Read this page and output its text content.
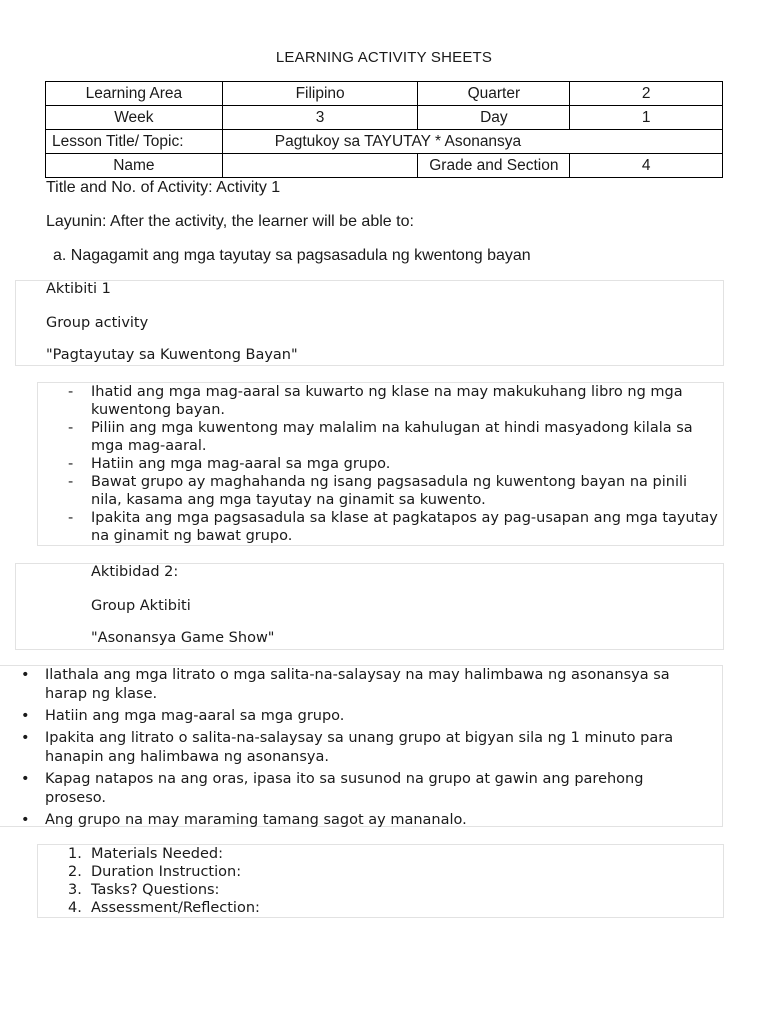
LEARNING ACTIVITY SHEETS
Learning Area	Filipino	Quarter	2
Week	3	Day	1
Lesson Title/ Topic:	Pagtukoy sa TAYUTAY * Asonansya		
Name		Grade and Section	4
Title and No. of Activity: Activity 1
Layunin: After the activity, the learner will be able to:
a. Nagagamit ang mga tayutay sa pagsasadula ng kwentong bayan

Aktibiti 1

Group activity

"Pagtayutay sa Kuwentong Bayan"

- Ihatid ang mga mag-aaral sa kuwarto ng klase na may makukuhang libro ng mga kuwentong bayan.
- Piliin ang mga kuwentong may malalim na kahulugan at hindi masyadong kilala sa mga mag-aaral.
- Hatiin ang mga mag-aaral sa mga grupo.
- Bawat grupo ay maghahanda ng isang pagsasadula ng kuwentong bayan na pinili nila, kasama ang mga tayutay na ginamit sa kuwento.
- Ipakita ang mga pagsasadula sa klase at pagkatapos ay pag-usapan ang mga tayutay na ginamit ng bawat grupo.

Aktibidad 2:

Group Aktibiti

"Asonansya Game Show"

• Ilathala ang mga litrato o mga salita-na-salaysay na may halimbawa ng asonansya sa harap ng klase.
• Hatiin ang mga mag-aaral sa mga grupo.
• Ipakita ang litrato o salita-na-salaysay sa unang grupo at bigyan sila ng 1 minuto para hanapin ang halimbawa ng asonansya.
• Kapag natapos na ang oras, ipasa ito sa susunod na grupo at gawin ang parehong proseso.
• Ang grupo na may maraming tamang sagot ay mananalo.
1. Materials Needed:
2. Duration Instruction:
3. Tasks? Questions:
4. Assessment/Reflection:
